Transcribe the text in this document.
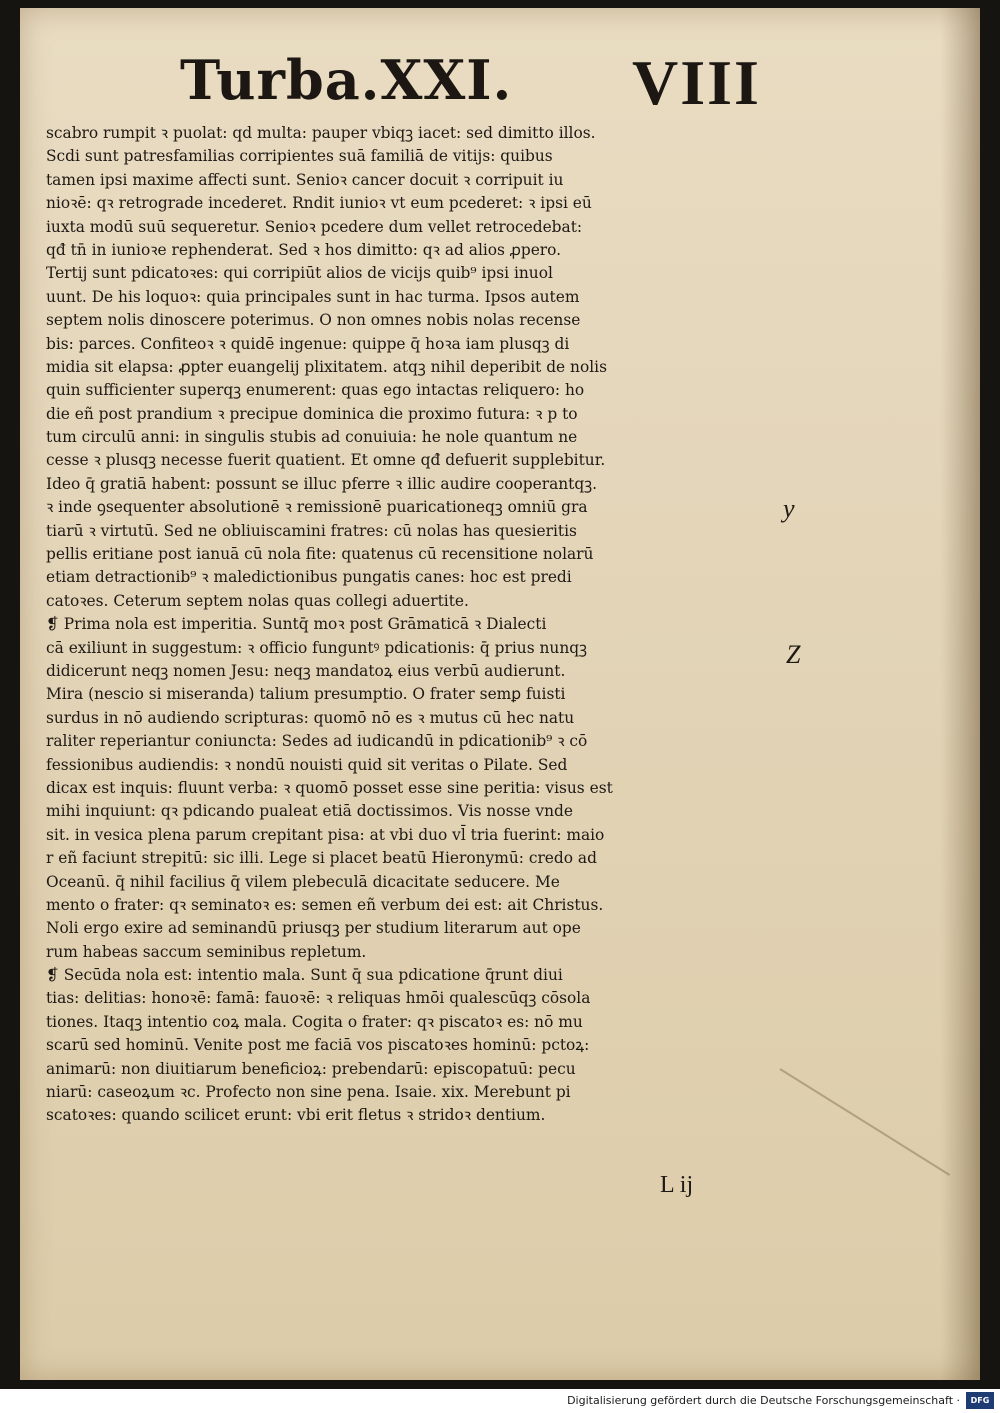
Turba.XXI. VIII
scabro rumpit ꝛ puolat: qd multa: pauper vbiqꝫ iacet: sed dimitto illos.
Scdi sunt patresfamilias corripientes suā familiā de vitijs: quibus
tamen ipsi maxime affecti sunt. Senioꝛ cancer docuit ꝛ corripuit iu
nioꝛē: qꝛ retrograde incederet. Rndit iunioꝛ vt eum pcederet: ꝛ ipsi eū
iuxta modū suū sequeretur. Senioꝛ pcedere dum vellet retrocedebat:
qđ tn̄ in iunioꝛe rephenderat. Sed ꝛ hos dimitto: qꝛ ad alios ꝓpero.
Tertij sunt pdicatoꝛes: qui corripiūt alios de vicijs quib⁹ ipsi inuol
uunt. De his loquoꝛ: quia principales sunt in hac turma. Ipsos autem
septem nolis dinoscere poterimus. O non omnes nobis nolas recense
bis: parces. Confiteoꝛ ꝛ quidē ingenue: quippe q̄ hoꝛa iam plusqꝫ di
midia sit elapsa: ꝓpter euangelij plixitatem. atqꝫ nihil deperibit de nolis
quin sufficienter superqꝫ enumerent: quas ego intactas reliquero: ho
die eñ post prandium ꝛ precipue dominica die proximo futura: ꝛ p to
tum circulū anni: in singulis stubis ad conuiuia: he nole quantum ne
cesse ꝛ plusqꝫ necesse fuerit quatient. Et omne qđ defuerit supplebitur.
Ideo q̄ gratiā habent: possunt se illuc pferre ꝛ illic audire cooperantqꝫ.
ꝛ inde ꝯsequenter absolutionē ꝛ remissionē puaricationeqꝫ omniū gra
tiarū ꝛ virtutū. Sed ne obliuiscamini fratres: cū nolas has quesieritis
pellis eritiane post ianuā cū nola fite: quatenus cū recensitione nolarū
etiam detractionib⁹ ꝛ maledictionibus pungatis canes: hoc est predi
catoꝛes. Ceterum septem nolas quas collegi aduertite.
❡ Prima nola est imperitia. Suntq̄ moꝛ post Grāmaticā ꝛ Dialecti
cā exiliunt in suggestum: ꝛ officio funguntꝰ pdicationis: q̄ prius nunqꝫ
didicerunt neqꝫ nomen Jesu: neqꝫ mandatoꝝ eius verbū audierunt.
Mira (nescio si miseranda) talium presumptio. O frater semꝑ fuisti
surdus in nō audiendo scripturas: quomō nō es ꝛ mutus cū hec natu
raliter reperiantur coniuncta: Sedes ad iudicandū in pdicationib⁹ ꝛ cō
fessionibus audiendis: ꝛ nondū nouisti quid sit veritas o Pilate. Sed
dicax est inquis: fluunt verba: ꝛ quomō posset esse sine peritia: visus est
mihi inquiunt: qꝛ pdicando pualeat etiā doctissimos. Vis nosse vnde
sit. in vesica plena parum crepitant pisa: at vbi duo vl̄ tria fuerint: maio
r eñ faciunt strepitū: sic illi. Lege si placet beatū Hieronymū: credo ad
Oceanū. q̄ nihil facilius q̄ vilem plebeculā dicacitate seducere. Me
mento o frater: qꝛ seminatoꝛ es: semen eñ verbum dei est: ait Christus.
Noli ergo exire ad seminandū priusqꝫ per studium literarum aut ope
rum habeas saccum seminibus repletum.
❡ Secūda nola est: intentio mala. Sunt q̄ sua pdicatione q̄runt diui
tias: delitias: honoꝛē: famā: fauoꝛē: ꝛ reliquas hmōi qualescūqꝫ cōsola
tiones. Itaqꝫ intentio coꝝ mala. Cogita o frater: qꝛ piscatoꝛ es: nō mu
scarū sed hominū. Venite post me faciā vos piscatoꝛes hominū: pctoꝝ:
animarū: non diuitiarum beneficioꝝ: prebendarū: episcopatuū: pecu
niarū: caseoꝝum ꝛc. Profecto non sine pena. Isaie. xix. Merebunt pi
scatoꝛes: quando scilicet erunt: vbi erit fletus ꝛ stridoꝛ dentium.
y
Z
L ij
Digitalisierung gefördert durch die Deutsche Forschungsgemeinschaft ·	DFG
